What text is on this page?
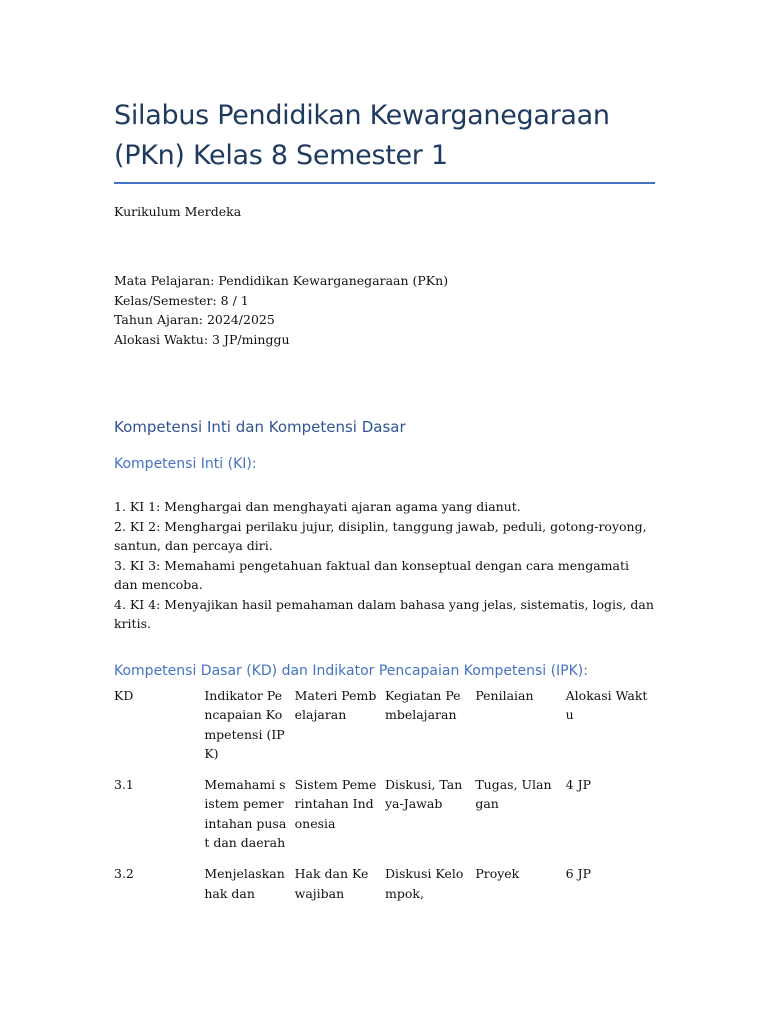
Silabus Pendidikan Kewarganegaraan (PKn) Kelas 8 Semester 1
Kurikulum Merdeka
Mata Pelajaran: Pendidikan Kewarganegaraan (PKn)
Kelas/Semester: 8 / 1
Tahun Ajaran: 2024/2025
Alokasi Waktu: 3 JP/minggu
Kompetensi Inti dan Kompetensi Dasar
Kompetensi Inti (KI):
1. KI 1: Menghargai dan menghayati ajaran agama yang dianut.
2. KI 2: Menghargai perilaku jujur, disiplin, tanggung jawab, peduli, gotong-royong, santun, dan percaya diri.
3. KI 3: Memahami pengetahuan faktual dan konseptual dengan cara mengamati dan mencoba.
4. KI 4: Menyajikan hasil pemahaman dalam bahasa yang jelas, sistematis, logis, dan kritis.
Kompetensi Dasar (KD) dan Indikator Pencapaian Kompetensi (IPK):
KD	Indikator Pencapaian Kompetensi (IPK)	Materi Pembelajaran	Kegiatan Pembelajaran	Penilaian	Alokasi Waktu

3.1	Memahami sistem pemerintahan pusat dan daerah	Sistem Pemerintahan Indonesia	Diskusi, Tanya-Jawab	Tugas, Ulangan	4 JP

3.2	Menjelaskan hak dan	Hak dan Kewajiban	Diskusi Kelompok,	Proyek	6 JP
